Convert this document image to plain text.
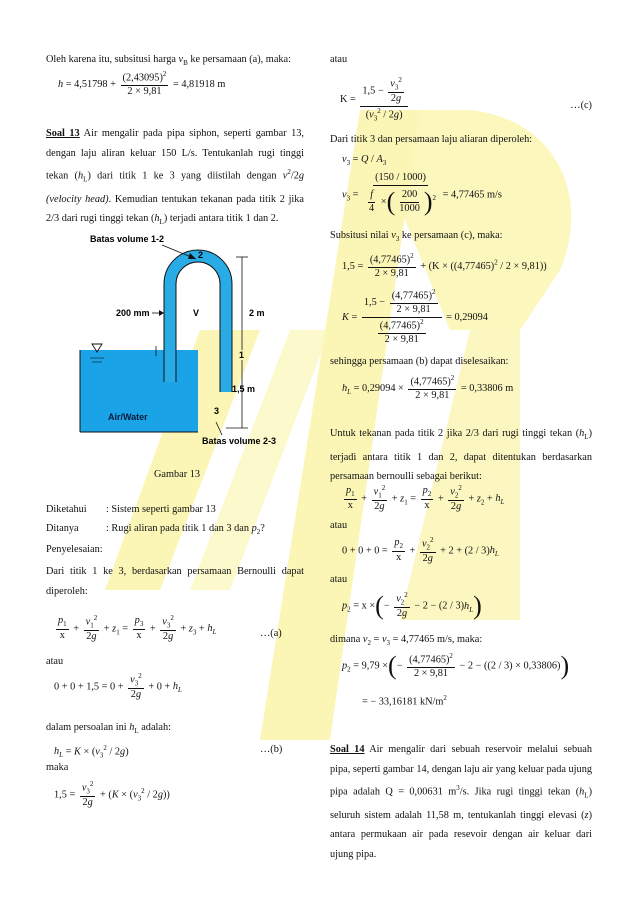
Oleh karena itu, subsitusi harga $v_B$ ke persamaan (a), maka:

$h = 4,51798 + \frac{(2,43095)^2}{2 \times 9,81} = 4,81918$ m

Soal 13 Air mengalir pada pipa siphon, seperti gambar 13, dengan laju aliran keluar 150 L/s. Tentukanlah rugi tinggi tekan $(h_L)$ dari titik 1 ke 3 yang diistilah dengan $v^2/2g$ (velocity head). Kemudian tentukan tekanan pada titik 2 jika 2/3 dari rugi tinggi tekan $(h_L)$ terjadi antara titik 1 dan 2.

Batas volume 1-2
2
200 mm	V	2 m
1
1,5 m
3
Air/Water
Batas volume 2-3

Gambar 13

Diketahui	: Sistem seperti gambar 13
Ditanya	: Rugi aliran pada titik 1 dan 3 dan $p_2$?

Penyelesaian:

Dari titik 1 ke 3, berdasarkan persamaan Bernoulli dapat diperoleh:

$\frac{p_1}{x} + \frac{v_1^2}{2g} + z_1 = \frac{p_3}{x} + \frac{v_3^2}{2g} + z_3 + h_L$	…(a)

atau

$0 + 0 + 1,5 = 0 + \frac{v_3^2}{2g} + 0 + h_L$

dalam persoalan ini $h_L$ adalah:

$h_L = K \times (v_3^2 / 2g)$	…(b)

maka

$1,5 = \frac{v_3^2}{2g} + (K \times (v_3^2 / 2g))$

atau

$K = \frac{1,5 - \frac{v_3^2}{2g}}{(v_3^2 / 2g)}$	…(c)

Dari titik 3 dan persamaan laju aliaran diperoleh:

$v_3 = Q / A_3$
$v_3 = \frac{(150 / 1000)}{\frac{f}{4} \times( \frac{200}{1000} )^2} = 4,77465$ m/s

Subsitusi nilai $v_3$ ke persamaan (c), maka:

$1,5 = \frac{(4,77465)^2}{2 \times 9,81} + (K \times ((4,77465)^2 / 2 \times 9,81))$
$K = \frac{1,5 - \frac{(4,77465)^2}{2 \times 9,81}}{\frac{(4,77465)^2}{2 \times 9,81}} = 0,29094$

sehingga persamaan (b) dapat diselesaikan:

$h_L = 0,29094 \times \frac{(4,77465)^2}{2 \times 9,81} = 0,33806$ m

Untuk tekanan pada titik 2 jika 2/3 dari rugi tinggi tekan $(h_L)$ terjadi antara titik 1 dan 2, dapat ditentukan berdasarkan persamaan bernoulli sebagai berikut:

$\frac{p_1}{x} + \frac{v_1^2}{2g} + z_1 = \frac{p_2}{x} + \frac{v_2^2}{2g} + z_2 + h_L$

atau

$0 + 0 + 0 = \frac{p_2}{x} + \frac{v_2^2}{2g} + 2 + (2 / 3)h_L$

atau

$p_2 = x$ ×(− $\frac{v_2^2}{2g} - 2 - (2 / 3)h_L$)

dimana $v_2 = v_3 = 4,77465$ m/s, maka:

$p_2 = 9,79$ ×(− $\frac{(4,77465)^2}{2 \times 9,81} - 2 - ((2 / 3) \times 0,33806)$)
= − 33,16181 $kN/m^2$

Soal 14 Air mengalir dari sebuah reservoir melalui sebuah pipa, seperti gambar 14, dengan laju air yang keluar pada ujung pipa adalah Q = 0,00631 $m^3/s$. Jika rugi tinggi tekan $(h_L)$ seluruh sistem adalah 11,58 m, tentukanlah tinggi elevasi (z) antara permukaan air pada resevoir dengan air keluar dari ujung pipa.
